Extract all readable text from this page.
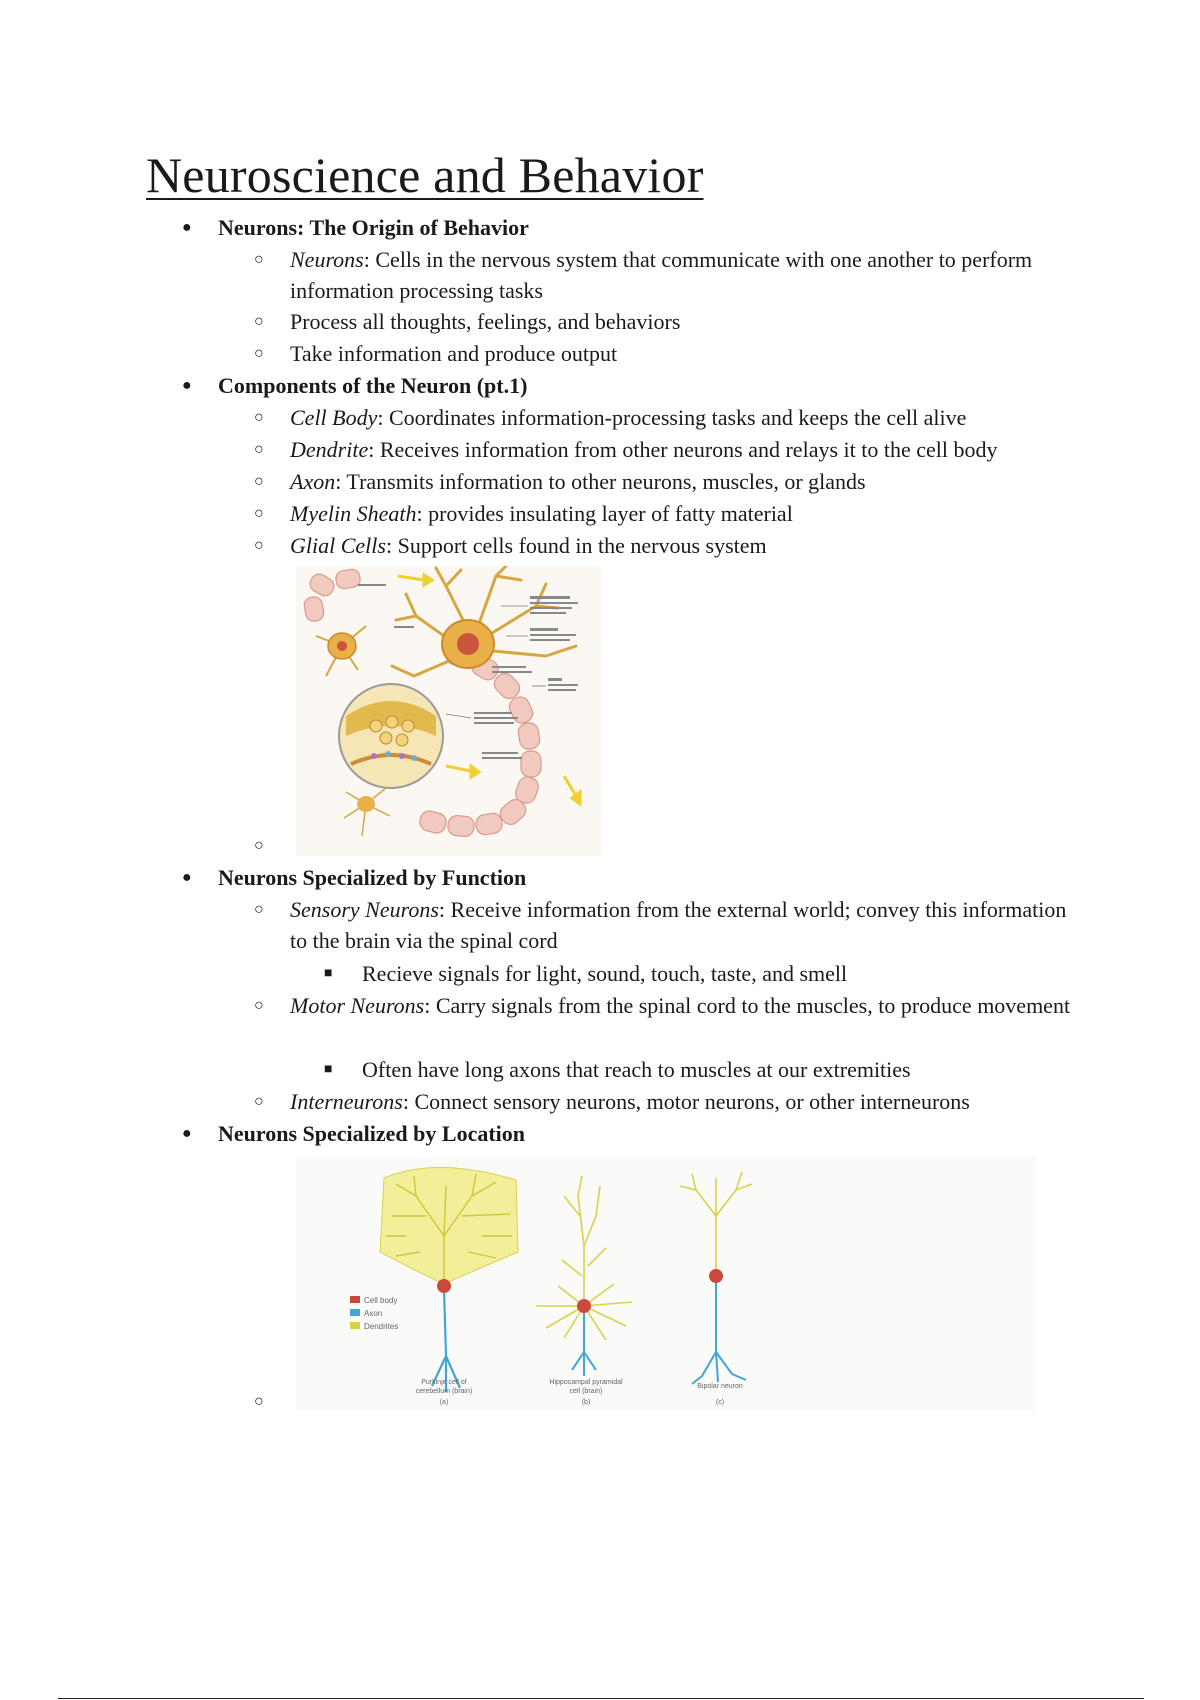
Neuroscience and Behavior
●	Neurons: The Origin of Behavior
○	Neurons: Cells in the nervous system that communicate with one another to perform information processing tasks
○	Process all thoughts, feelings, and behaviors
○	Take information and produce output
●	Components of the Neuron (pt.1)
○	Cell Body: Coordinates information-processing tasks and keeps the cell alive
○	Dendrite: Receives information from other neurons and relays it to the cell body
○	Axon: Transmits information to other neurons, muscles, or glands
○	Myelin Sheath: provides insulating layer of fatty material
○	Glial Cells: Support cells found in the nervous system
○
●	Neurons Specialized by Function
○	Sensory Neurons: Receive information from the external world; convey this information to the brain via the spinal cord
■	Recieve signals for light, sound, touch, taste, and smell
○	Motor Neurons: Carry signals from the spinal cord to the muscles, to produce movement
■	Often have long axons that reach to muscles at our extremities
○	Interneurons: Connect sensory neurons, motor neurons, or other interneurons
●	Neurons Specialized by Location
Cell body
Axon
Dendrites
Purkinje cell of
cerebellum (brain)
(a)
Hippocampal pyramidal
cell (brain)
(b)
Bipolar neuron
(c)
○
